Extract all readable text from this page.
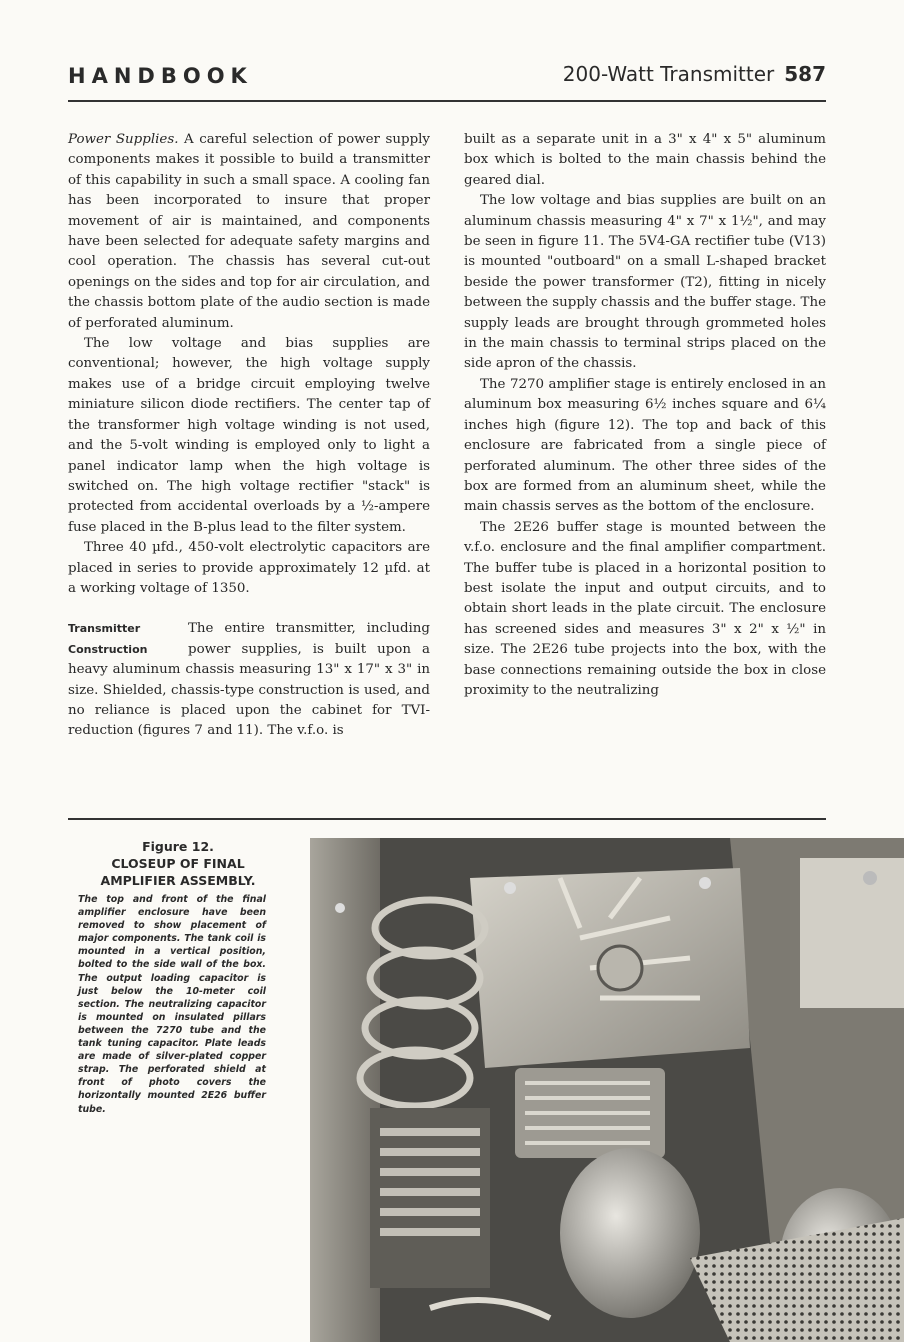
HANDBOOK	200-Watt Transmitter 587

Power Supplies. A careful selection of power supply components makes it possible to build a transmitter of this capability in such a small space. A cooling fan has been incorporated to insure that proper movement of air is maintained, and components have been selected for adequate safety margins and cool operation. The chassis has several cut-out openings on the sides and top for air circulation, and the chassis bottom plate of the audio section is made of perforated aluminum.

The low voltage and bias supplies are conventional; however, the high voltage supply makes use of a bridge circuit employing twelve miniature silicon diode rectifiers. The center tap of the transformer high voltage winding is not used, and the 5-volt winding is employed only to light a panel indicator lamp when the high voltage is switched on. The high voltage rectifier "stack" is protected from accidental overloads by a ½-ampere fuse placed in the B-plus lead to the filter system.

Three 40 µfd., 450-volt electrolytic capacitors are placed in series to provide approximately 12 µfd. at a working voltage of 1350.

Transmitter
Construction

The entire transmitter, including power supplies, is built upon a heavy aluminum chassis measuring 13" x 17" x 3" in size. Shielded, chassis-type construction is used, and no reliance is placed upon the cabinet for TVI-reduction (figures 7 and 11). The v.f.o. is

built as a separate unit in a 3" x 4" x 5" aluminum box which is bolted to the main chassis behind the geared dial.

The low voltage and bias supplies are built on an aluminum chassis measuring 4" x 7" x 1½", and may be seen in figure 11. The 5V4-GA rectifier tube (V13) is mounted "outboard" on a small L-shaped bracket beside the power transformer (T2), fitting in nicely between the supply chassis and the buffer stage. The supply leads are brought through grommeted holes in the main chassis to terminal strips placed on the side apron of the chassis.

The 7270 amplifier stage is entirely enclosed in an aluminum box measuring 6½ inches square and 6¼ inches high (figure 12). The top and back of this enclosure are fabricated from a single piece of perforated aluminum. The other three sides of the box are formed from an aluminum sheet, while the main chassis serves as the bottom of the enclosure.

The 2E26 buffer stage is mounted between the v.f.o. enclosure and the final amplifier compartment. The buffer tube is placed in a horizontal position to best isolate the input and output circuits, and to obtain short leads in the plate circuit. The enclosure has screened sides and measures 3" x 2" x ½" in size. The 2E26 tube projects into the box, with the base connections remaining outside the box in close proximity to the neutralizing

Figure 12.
CLOSEUP OF FINAL AMPLIFIER ASSEMBLY.
The top and front of the final amplifier enclosure have been removed to show placement of major components. The tank coil is mounted in a vertical position, bolted to the side wall of the box. The output loading capacitor is just below the 10-meter coil section. The neutralizing capacitor is mounted on insulated pillars between the 7270 tube and the tank tuning capacitor. Plate leads are made of silver-plated copper strap. The perforated shield at front of photo covers the horizontally mounted 2E26 buffer tube.
